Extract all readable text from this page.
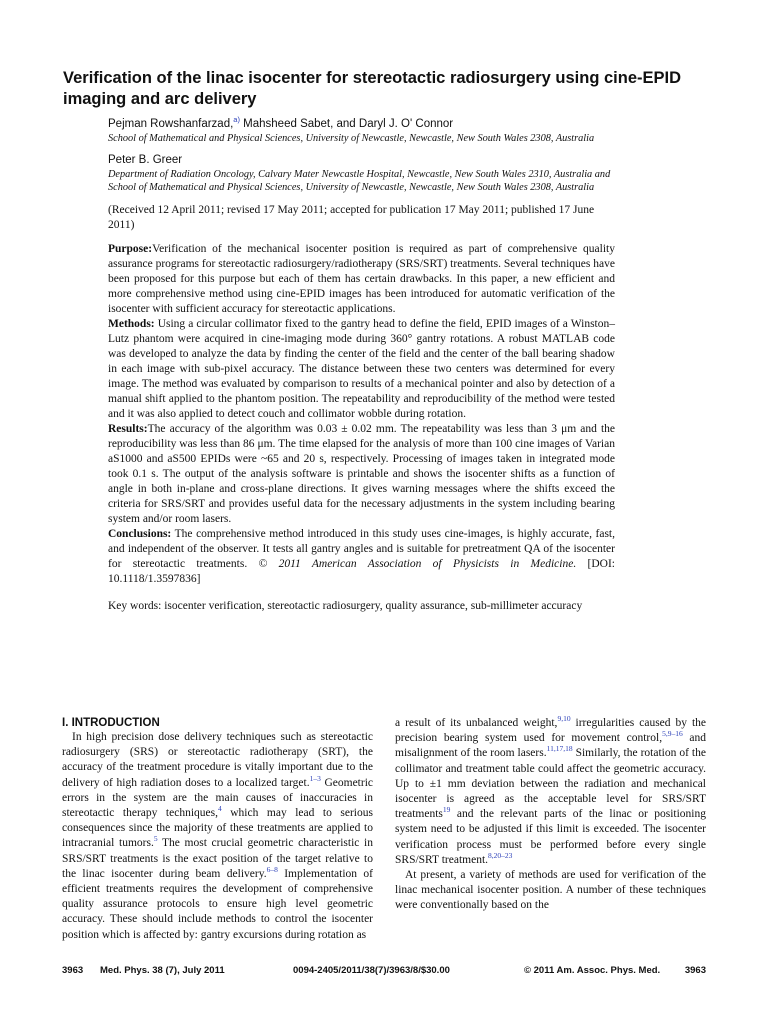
Verification of the linac isocenter for stereotactic radiosurgery using cine-EPID imaging and arc delivery

Pejman Rowshanfarzad,$^{a)}$ Mahsheed Sabet, and Daryl J. O' Connor

School of Mathematical and Physical Sciences, University of Newcastle, Newcastle, New South Wales 2308, Australia

Peter B. Greer

Department of Radiation Oncology, Calvary Mater Newcastle Hospital, Newcastle, New South Wales 2310, Australia and School of Mathematical and Physical Sciences, University of Newcastle, Newcastle, New South Wales 2308, Australia

(Received 12 April 2011; revised 17 May 2011; accepted for publication 17 May 2011; published 17 June 2011)

Purpose:Verification of the mechanical isocenter position is required as part of comprehensive quality assurance programs for stereotactic radiosurgery/radiotherapy (SRS/SRT) treatments. Several techniques have been proposed for this purpose but each of them has certain drawbacks. In this paper, a new efficient and more comprehensive method using cine-EPID images has been introduced for automatic verification of the isocenter with sufficient accuracy for stereotactic applications.

Methods: Using a circular collimator fixed to the gantry head to define the field, EPID images of a Winston–Lutz phantom were acquired in cine-imaging mode during 360° gantry rotations. A robust MATLAB code was developed to analyze the data by finding the center of the field and the center of the ball bearing shadow in each image with sub-pixel accuracy. The distance between these two centers was determined for every image. The method was evaluated by comparison to results of a mechanical pointer and also by detection of a manual shift applied to the phantom position. The repeatability and reproducibility of the method were tested and it was also applied to detect couch and collimator wobble during rotation.

Results:The accuracy of the algorithm was 0.03 ± 0.02 mm. The repeatability was less than 3 μm and the reproducibility was less than 86 μm. The time elapsed for the analysis of more than 100 cine images of Varian aS1000 and aS500 EPIDs were ~65 and 20 s, respectively. Processing of images taken in integrated mode took 0.1 s. The output of the analysis software is printable and shows the isocenter shifts as a function of angle in both in-plane and cross-plane directions. It gives warning messages where the shifts exceed the criteria for SRS/SRT and provides useful data for the necessary adjustments in the system including bearing system and/or room lasers.

Conclusions: The comprehensive method introduced in this study uses cine-images, is highly accurate, fast, and independent of the observer. It tests all gantry angles and is suitable for pretreatment QA of the isocenter for stereotactic treatments. © 2011 American Association of Physicists in Medicine. [DOI: 10.1118/1.3597836]

Key words: isocenter verification, stereotactic radiosurgery, quality assurance, sub-millimeter accuracy

I. INTRODUCTION

In high precision dose delivery techniques such as stereotactic radiosurgery (SRS) or stereotactic radiotherapy (SRT), the accuracy of the treatment procedure is vitally important due to the delivery of high radiation doses to a localized target.$^{1-3}$ Geometric errors in the system are the main causes of inaccuracies in stereotactic therapy techniques,$^4$ which may lead to serious consequences since the majority of these treatments are applied to intracranial tumors.$^5$ The most crucial geometric characteristic in SRS/SRT treatments is the exact position of the target relative to the linac isocenter during beam delivery.$^{6-8}$ Implementation of efficient treatments requires the development of comprehensive quality assurance protocols to ensure high level geometric accuracy. These should include methods to control the isocenter position which is affected by: gantry excursions during rotation as

a result of its unbalanced weight,$^{9,10}$ irregularities caused by the precision bearing system used for movement control,$^{5,9-16}$ and misalignment of the room lasers.$^{11,17,18}$ Similarly, the rotation of the collimator and treatment table could affect the geometric accuracy. Up to ±1 mm deviation between the radiation and mechanical isocenter is agreed as the acceptable level for SRS/SRT treatments$^{19}$ and the relevant parts of the linac or positioning system need to be adjusted if this limit is exceeded. The isocenter verification process must be performed before every single SRS/SRT treatment.$^{8,20-23}$

At present, a variety of methods are used for verification of the linac mechanical isocenter position. A number of these techniques were conventionally based on the

3963 Med. Phys. 38 (7), July 2011	0094-2405/2011/38(7)/3963/8/$30.00	© 2011 Am. Assoc. Phys. Med.	3963
